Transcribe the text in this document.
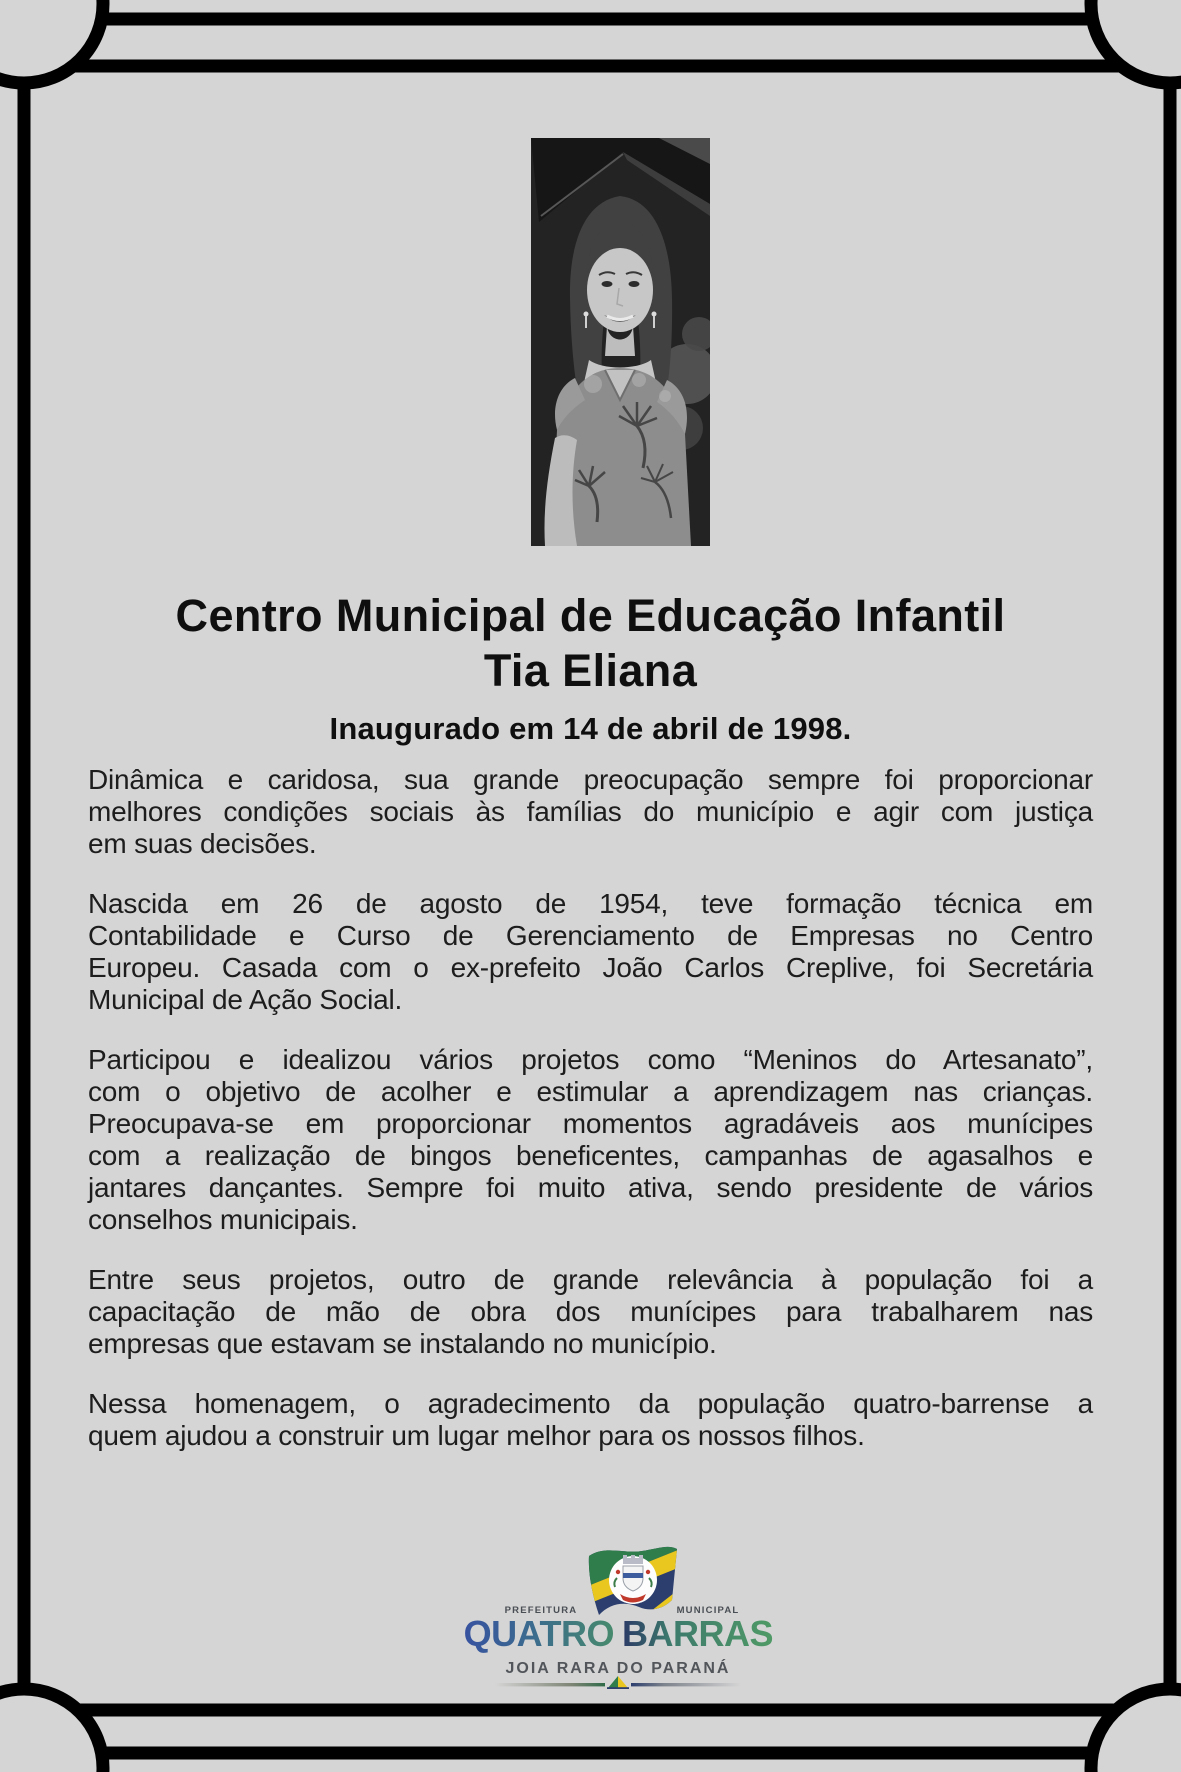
Centro Municipal de Educação Infantil
Tia Eliana
Inaugurado em 14 de abril de 1998.
Dinâmica e caridosa, sua grande preocupação sempre foi proporcionar
melhores condições sociais às famílias do município e agir com justiça
em suas decisões.
Nascida em 26 de agosto de 1954, teve formação técnica em
Contabilidade e Curso de Gerenciamento de Empresas no Centro
Europeu. Casada com o ex-prefeito João Carlos Creplive, foi Secretária
Municipal de Ação Social.
Participou e idealizou vários projetos como “Meninos do Artesanato”,
com o objetivo de acolher e estimular a aprendizagem nas crianças.
Preocupava-se em proporcionar momentos agradáveis aos munícipes
com a realização de bingos beneficentes, campanhas de agasalhos e
jantares dançantes. Sempre foi muito ativa, sendo presidente de vários
conselhos municipais.
Entre seus projetos, outro de grande relevância à população foi a
capacitação de mão de obra dos munícipes para trabalharem nas
empresas que estavam se instalando no município.
Nessa homenagem, o agradecimento da população quatro-barrense a
quem ajudou a construir um lugar melhor para os nossos filhos.
PREFEITURA	MUNICIPAL
QUATRO BARRAS
JOIA RARA DO PARANÁ
